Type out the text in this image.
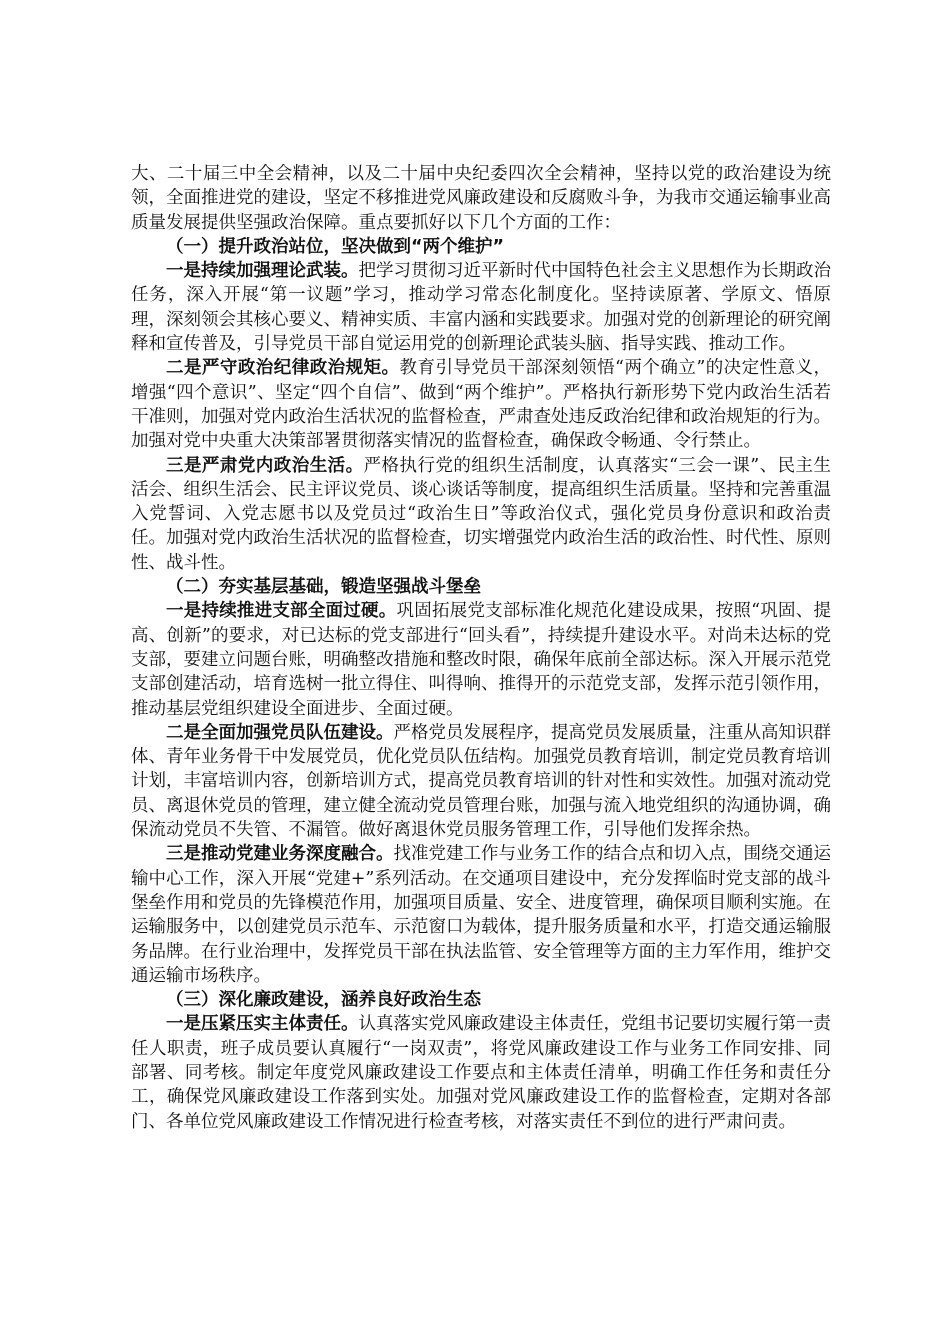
大、二十届三中全会精神，以及二十届中央纪委四次全会精神，坚持以党的政治建设为统领，全面推进党的建设，坚定不移推进党风廉政建设和反腐败斗争，为我市交通运输事业高质量发展提供坚强政治保障。重点要抓好以下几个方面的工作：

（一）提升政治站位，坚决做到“两个维护”

一是持续加强理论武装。把学习贯彻习近平新时代中国特色社会主义思想作为长期政治任务，深入开展“第一议题”学习，推动学习常态化制度化。坚持读原著、学原文、悟原理，深刻领会其核心要义、精神实质、丰富内涵和实践要求。加强对党的创新理论的研究阐释和宣传普及，引导党员干部自觉运用党的创新理论武装头脑、指导实践、推动工作。

二是严守政治纪律政治规矩。教育引导党员干部深刻领悟“两个确立”的决定性意义，增强“四个意识”、坚定“四个自信”、做到“两个维护”。严格执行新形势下党内政治生活若干准则，加强对党内政治生活状况的监督检查，严肃查处违反政治纪律和政治规矩的行为。加强对党中央重大决策部署贯彻落实情况的监督检查，确保政令畅通、令行禁止。

三是严肃党内政治生活。严格执行党的组织生活制度，认真落实“三会一课”、民主生活会、组织生活会、民主评议党员、谈心谈话等制度，提高组织生活质量。坚持和完善重温入党誓词、入党志愿书以及党员过“政治生日”等政治仪式，强化党员身份意识和政治责任。加强对党内政治生活状况的监督检查，切实增强党内政治生活的政治性、时代性、原则性、战斗性。

（二）夯实基层基础，锻造坚强战斗堡垒

一是持续推进支部全面过硬。巩固拓展党支部标准化规范化建设成果，按照“巩固、提高、创新”的要求，对已达标的党支部进行“回头看”，持续提升建设水平。对尚未达标的党支部，要建立问题台账，明确整改措施和整改时限，确保年底前全部达标。深入开展示范党支部创建活动，培育选树一批立得住、叫得响、推得开的示范党支部，发挥示范引领作用，推动基层党组织建设全面进步、全面过硬。

二是全面加强党员队伍建设。严格党员发展程序，提高党员发展质量，注重从高知识群体、青年业务骨干中发展党员，优化党员队伍结构。加强党员教育培训，制定党员教育培训计划，丰富培训内容，创新培训方式，提高党员教育培训的针对性和实效性。加强对流动党员、离退休党员的管理，建立健全流动党员管理台账，加强与流入地党组织的沟通协调，确保流动党员不失管、不漏管。做好离退休党员服务管理工作，引导他们发挥余热。

三是推动党建业务深度融合。找准党建工作与业务工作的结合点和切入点，围绕交通运输中心工作，深入开展“党建+”系列活动。在交通项目建设中，充分发挥临时党支部的战斗堡垒作用和党员的先锋模范作用，加强项目质量、安全、进度管理，确保项目顺利实施。在运输服务中，以创建党员示范车、示范窗口为载体，提升服务质量和水平，打造交通运输服务品牌。在行业治理中，发挥党员干部在执法监管、安全管理等方面的主力军作用，维护交通运输市场秩序。

（三）深化廉政建设，涵养良好政治生态

一是压紧压实主体责任。认真落实党风廉政建设主体责任，党组书记要切实履行第一责任人职责，班子成员要认真履行“一岗双责”，将党风廉政建设工作与业务工作同安排、同部署、同考核。制定年度党风廉政建设工作要点和主体责任清单，明确工作任务和责任分工，确保党风廉政建设工作落到实处。加强对党风廉政建设工作的监督检查，定期对各部门、各单位党风廉政建设工作情况进行检查考核，对落实责任不到位的进行严肃问责。
